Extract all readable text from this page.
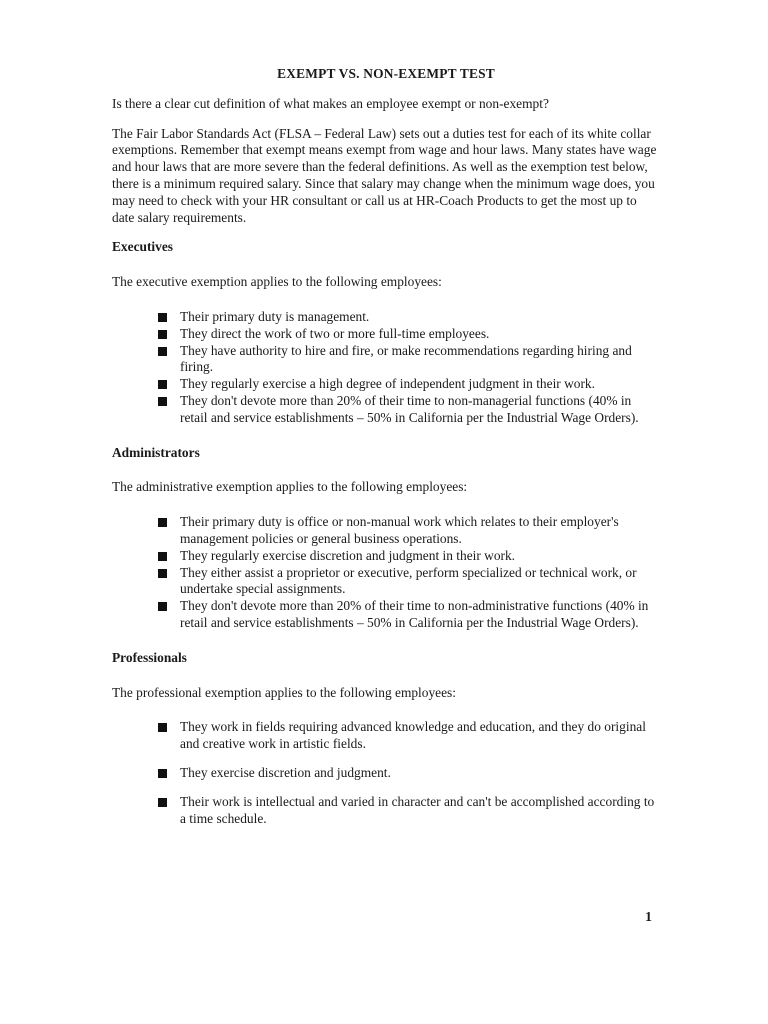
EXEMPT VS. NON-EXEMPT TEST

Is there a clear cut definition of what makes an employee exempt or non-exempt?

The Fair Labor Standards Act (FLSA – Federal Law) sets out a duties test for each of its white collar exemptions. Remember that exempt means exempt from wage and hour laws. Many states have wage and hour laws that are more severe than the federal definitions. As well as the exemption test below, there is a minimum required salary. Since that salary may change when the minimum wage does, you may need to check with your HR consultant or call us at HR-Coach Products to get the most up to date salary requirements.

Executives

The executive exemption applies to the following employees:

Their primary duty is management.
They direct the work of two or more full-time employees.
They have authority to hire and fire, or make recommendations regarding hiring and firing.
They regularly exercise a high degree of independent judgment in their work.
They don't devote more than 20% of their time to non-managerial functions (40% in retail and service establishments – 50% in California per the Industrial Wage Orders).

Administrators

The administrative exemption applies to the following employees:

Their primary duty is office or non-manual work which relates to their employer's management policies or general business operations.
They regularly exercise discretion and judgment in their work.
They either assist a proprietor or executive, perform specialized or technical work, or undertake special assignments.
They don't devote more than 20% of their time to non-administrative functions (40% in retail and service establishments – 50% in California per the Industrial Wage Orders).

Professionals

The professional exemption applies to the following employees:

They work in fields requiring advanced knowledge and education, and they do original and creative work in artistic fields.
They exercise discretion and judgment.
Their work is intellectual and varied in character and can't be accomplished according to a time schedule.
1
